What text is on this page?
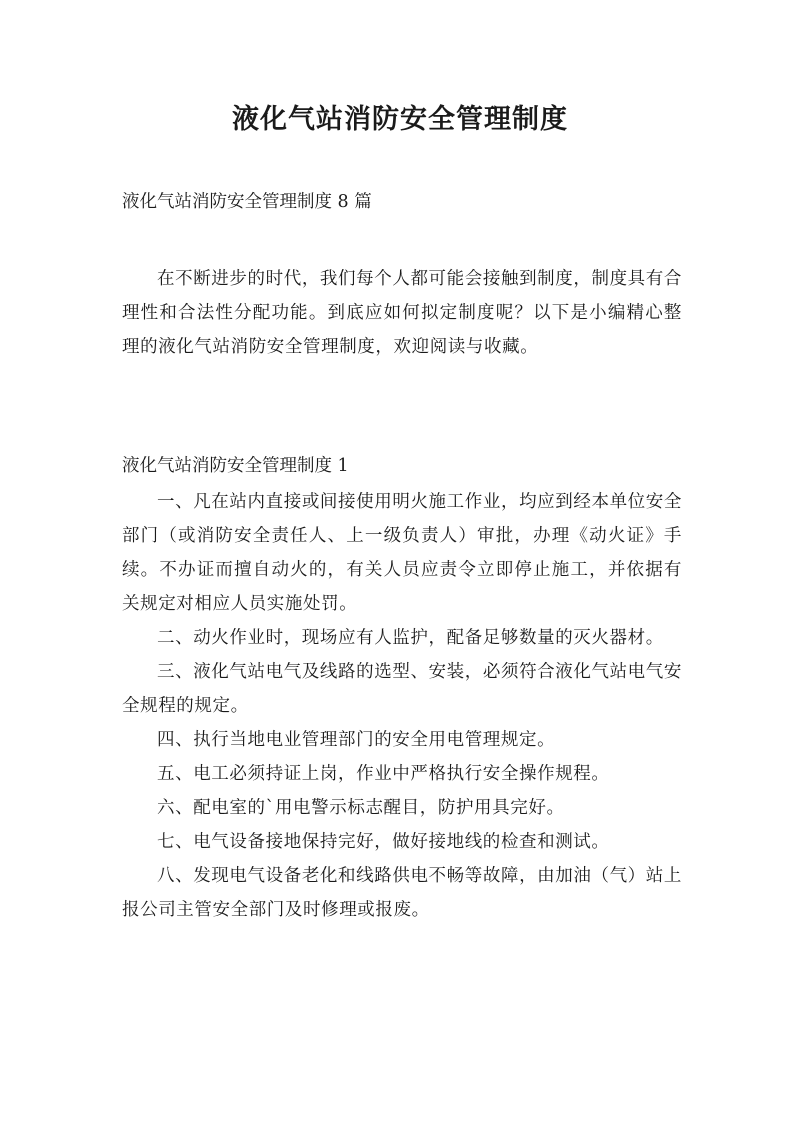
液化气站消防安全管理制度

液化气站消防安全管理制度 8 篇

在不断进步的时代，我们每个人都可能会接触到制度，制度具有合理性和合法性分配功能。到底应如何拟定制度呢？以下是小编精心整理的液化气站消防安全管理制度，欢迎阅读与收藏。

液化气站消防安全管理制度 1

一、凡在站内直接或间接使用明火施工作业，均应到经本单位安全部门（或消防安全责任人、上一级负责人）审批，办理《动火证》手续。不办证而擅自动火的，有关人员应责令立即停止施工，并依据有关规定对相应人员实施处罚。

二、动火作业时，现场应有人监护，配备足够数量的灭火器材。

三、液化气站电气及线路的选型、安装，必须符合液化气站电气安全规程的规定。

四、执行当地电业管理部门的安全用电管理规定。

五、电工必须持证上岗，作业中严格执行安全操作规程。

六、配电室的`用电警示标志醒目，防护用具完好。

七、电气设备接地保持完好，做好接地线的检查和测试。

八、发现电气设备老化和线路供电不畅等故障，由加油（气）站上报公司主管安全部门及时修理或报废。
